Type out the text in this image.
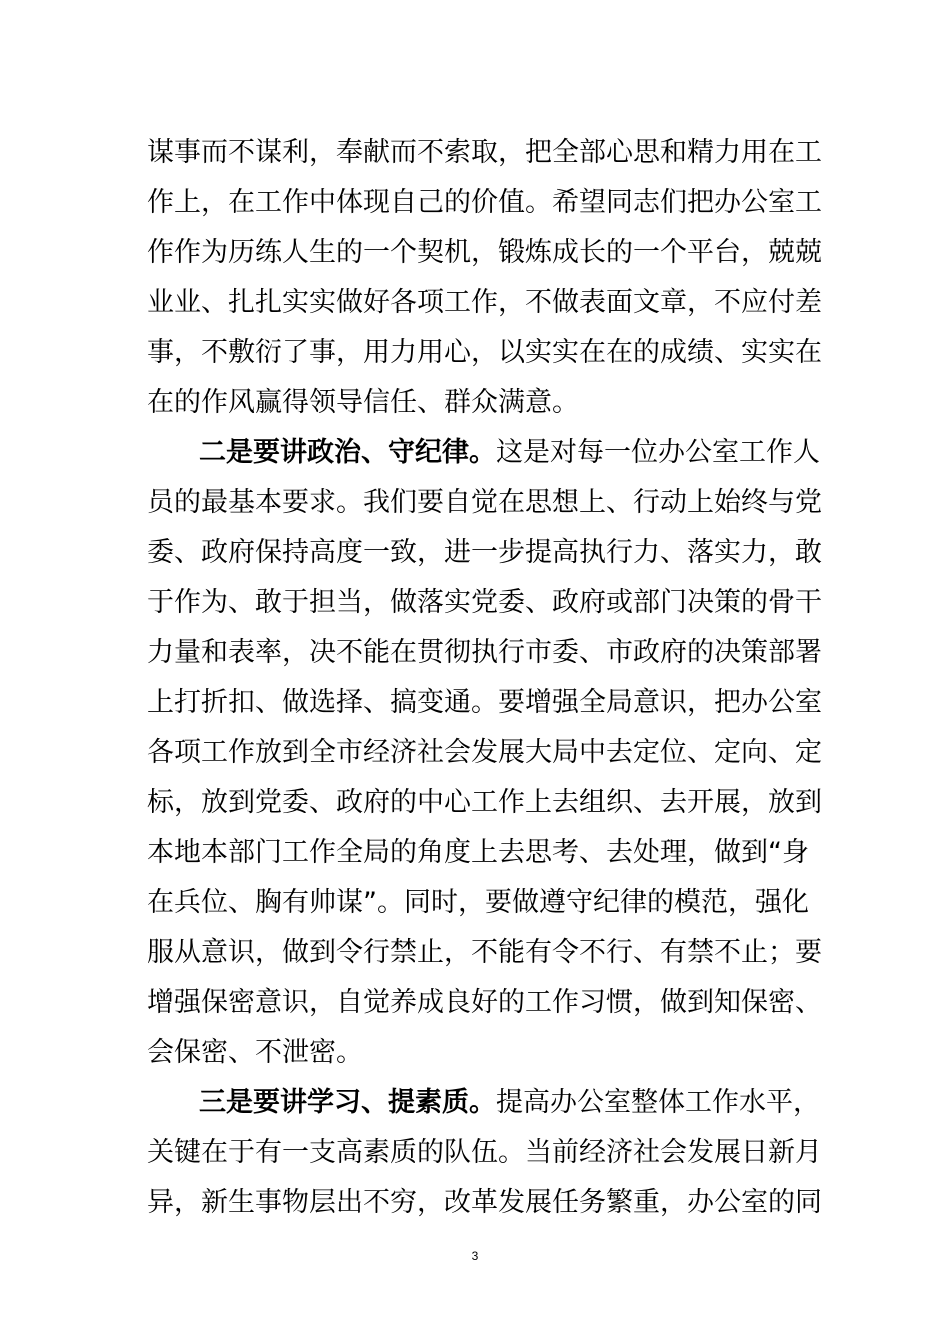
谋事而不谋利，奉献而不索取，把全部心思和精力用在工
作上，在工作中体现自己的价值。希望同志们把办公室工
作作为历练人生的一个契机，锻炼成长的一个平台，兢兢
业业、扎扎实实做好各项工作，不做表面文章，不应付差
事，不敷衍了事，用力用心，以实实在在的成绩、实实在
在的作风赢得领导信任、群众满意。
二是要讲政治、守纪律。这是对每一位办公室工作人
员的最基本要求。我们要自觉在思想上、行动上始终与党
委、政府保持高度一致，进一步提高执行力、落实力，敢
于作为、敢于担当，做落实党委、政府或部门决策的骨干
力量和表率，决不能在贯彻执行市委、市政府的决策部署
上打折扣、做选择、搞变通。要增强全局意识，把办公室
各项工作放到全市经济社会发展大局中去定位、定向、定
标，放到党委、政府的中心工作上去组织、去开展，放到
本地本部门工作全局的角度上去思考、去处理，做到“身
在兵位、胸有帅谋”。同时，要做遵守纪律的模范，强化
服从意识，做到令行禁止，不能有令不行、有禁不止；要
增强保密意识，自觉养成良好的工作习惯，做到知保密、
会保密、不泄密。
三是要讲学习、提素质。提高办公室整体工作水平，
关键在于有一支高素质的队伍。当前经济社会发展日新月
异，新生事物层出不穷，改革发展任务繁重，办公室的同
3
